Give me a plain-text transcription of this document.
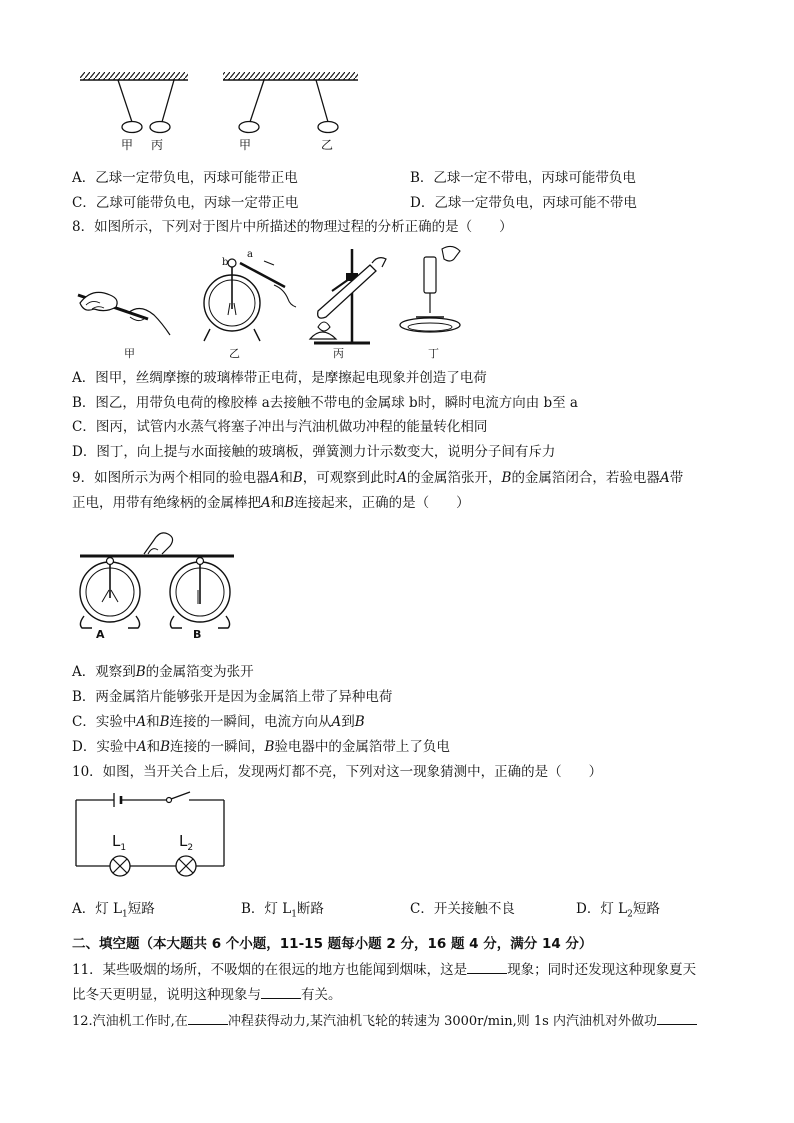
甲 丙	甲	乙
A．乙球一定带负电，丙球可能带正电	B．乙球一定不带电，丙球可能带负电
C．乙球可能带负电，丙球一定带正电	D．乙球一定带负电，丙球可能不带电
8．如图所示，下列对于图片中所描述的物理过程的分析正确的是（　　）
甲	乙	丙	丁
b
a
A．图甲，丝绸摩擦的玻璃棒带正电荷，是摩擦起电现象并创造了电荷
B．图乙，用带负电荷的橡胶棒 a去接触不带电的金属球 b时，瞬时电流方向由 b至 a
C．图丙，试管内水蒸气将塞子冲出与汽油机做功冲程的能量转化相同
D．图丁，向上提与水面接触的玻璃板，弹簧测力计示数变大，说明分子间有斥力
9．如图所示为两个相同的验电器A和B，可观察到此时A的金属箔张开，B的金属箔闭合，若验电器A带
正电，用带有绝缘柄的金属棒把A和B连接起来，正确的是（　　）
A	B
A．观察到B的金属箔变为张开
B．两金属箔片能够张开是因为金属箔上带了异种电荷
C．实验中A和B连接的一瞬间，电流方向从A到B
D．实验中A和B连接的一瞬间，B验电器中的金属箔带上了负电
10．如图，当开关合上后，发现两灯都不亮，下列对这一现象猜测中，正确的是（　　）
$L_1$	$L_2$
A．灯 $L_1$短路	B．灯 $L_1$断路	C．开关接触不良	D．灯 $L_2$短路
二、填空题（本大题共 6 个小题，11-15 题每小题 2 分，16 题 4 分，满分 14 分）
11．某些吸烟的场所，不吸烟的在很远的地方也能闻到烟味，这是	现象；同时还发现这种现象夏天
比冬天更明显，说明这种现象与	有关。
12.汽油机工作时,在	冲程获得动力,某汽油机飞轮的转速为 3000r/min,则 1s 内汽油机对外做功
